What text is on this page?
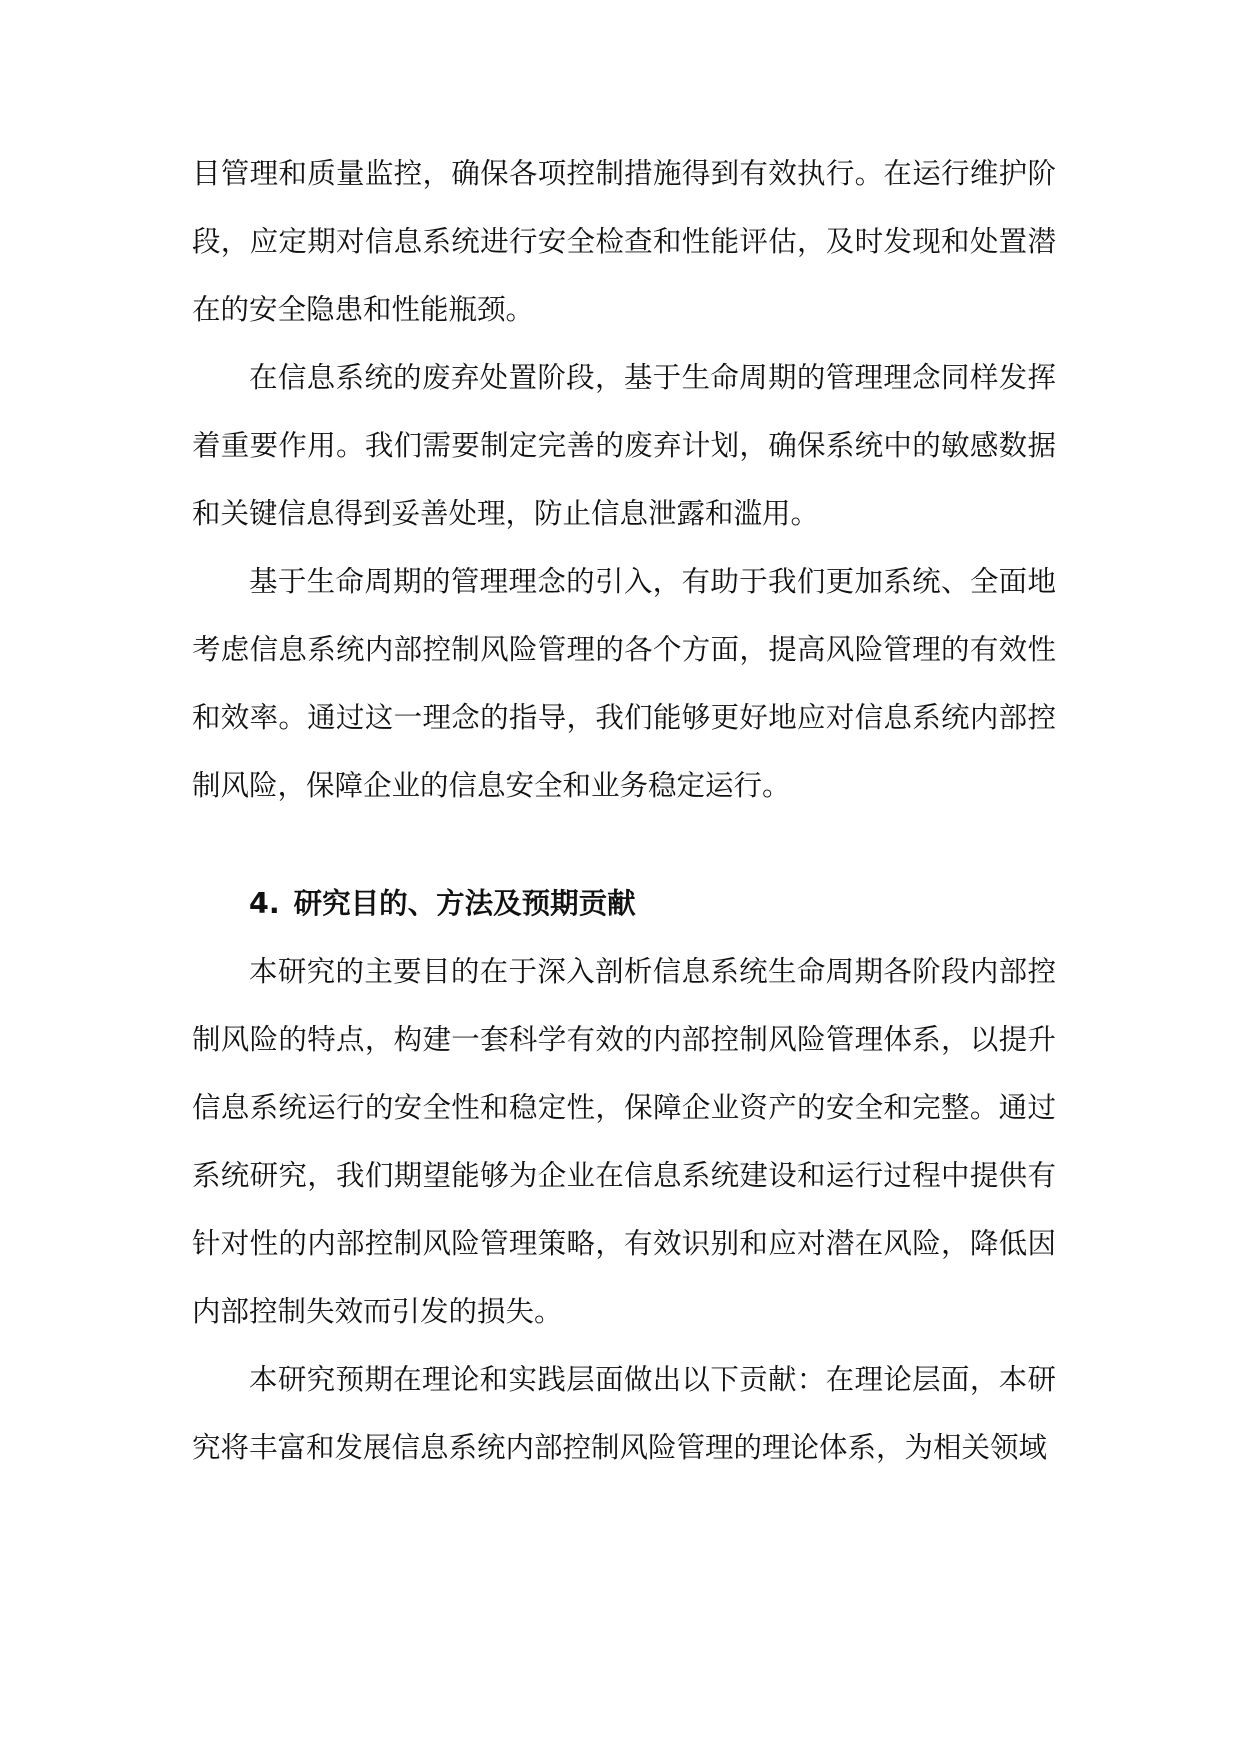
目管理和质量监控，确保各项控制措施得到有效执行。在运行维护阶段，应定期对信息系统进行安全检查和性能评估，及时发现和处置潜在的安全隐患和性能瓶颈。

在信息系统的废弃处置阶段，基于生命周期的管理理念同样发挥着重要作用。我们需要制定完善的废弃计划，确保系统中的敏感数据和关键信息得到妥善处理，防止信息泄露和滥用。

基于生命周期的管理理念的引入，有助于我们更加系统、全面地考虑信息系统内部控制风险管理的各个方面，提高风险管理的有效性和效率。通过这一理念的指导，我们能够更好地应对信息系统内部控制风险，保障企业的信息安全和业务稳定运行。

4. 研究目的、方法及预期贡献

本研究的主要目的在于深入剖析信息系统生命周期各阶段内部控制风险的特点，构建一套科学有效的内部控制风险管理体系，以提升信息系统运行的安全性和稳定性，保障企业资产的安全和完整。通过系统研究，我们期望能够为企业在信息系统建设和运行过程中提供有针对性的内部控制风险管理策略，有效识别和应对潜在风险，降低因内部控制失效而引发的损失。

本研究预期在理论和实践层面做出以下贡献：在理论层面，本研究将丰富和发展信息系统内部控制风险管理的理论体系，为相关领域
